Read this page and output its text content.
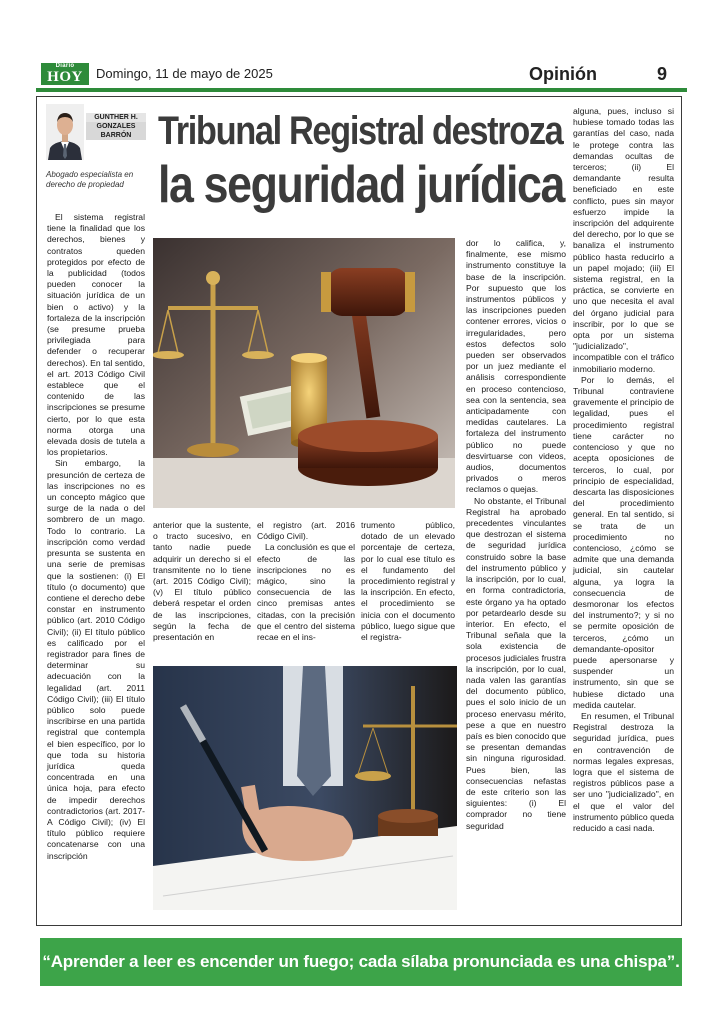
Diario
HOY	Domingo, 11 de mayo de 2025	Opinión	9
GUNTHER H.
GONZALES
BARRÓN
Abogado especialista en derecho de propiedad
Tribunal Registral destroza
la seguridad jurídica

El sistema registral tiene la finalidad que los derechos, bienes y contratos queden protegidos por efecto de la publicidad (todos pueden conocer la situación jurídica de un bien o activo) y la fortaleza de la inscripción (se presume prueba privilegiada para defender o recuperar derechos). En tal sentido, el art. 2013 Código Civil establece que el contenido de las inscripciones se presume cierto, por lo que esta norma otorga una elevada dosis de tutela a los propietarios.

Sin embargo, la presunción de certeza de las inscripciones no es un concepto mágico que surge de la nada o del sombrero de un mago. Todo lo contrario. La inscripción como verdad presunta se sustenta en una serie de premisas que la sostienen: (i) El título (o documento) que contiene el derecho debe constar en instrumento público (art. 2010 Código Civil); (ii) El título público es calificado por el registrador para fines de determinar su adecuación con la legalidad (art. 2011 Código Civil); (iii) El título público solo puede inscribirse en una partida registral que contempla el bien específico, por lo que toda su historia jurídica queda concentrada en una única hoja, para efecto de impedir derechos contradictorios (art. 2017-A Código Civil); (iv) El título público requiere concatenarse con una inscripción

anterior que la sustente, o tracto sucesivo, en tanto nadie puede adquirir un derecho si el transmitente no lo tiene (art. 2015 Código Civil); (v) El título público deberá respetar el orden de las inscripciones, según la fecha de presentación en

el registro (art. 2016 Código Civil).

La conclusión es que el efecto de las inscripciones no es mágico, sino la consecuencia de las cinco premisas antes citadas, con la precisión que el centro del sistema recae en el ins-

trumento público, dotado de un elevado porcentaje de certeza, por lo cual ese título es el fundamento del procedimiento registral y la inscripción. En efecto, el procedimiento se inicia con el documento público, luego sigue que el registra-

dor lo califica, y, finalmente, ese mismo instrumento constituye la base de la inscripción. Por supuesto que los instrumentos públicos y las inscripciones pueden contener errores, vicios o irregularidades, pero estos defectos solo pueden ser observados por un juez mediante el análisis correspondiente en proceso contencioso, sea con la sentencia, sea anticipadamente con medidas cautelares. La fortaleza del instrumento público no puede desvirtuarse con videos, audios, documentos privados o meros reclamos o quejas.

No obstante, el Tribunal Registral ha aprobado precedentes vinculantes que destrozan el sistema de seguridad jurídica construido sobre la base del instrumento público y la inscripción, por lo cual, en forma contradictoria, este órgano ya ha optado por petardearlo desde su interior. En efecto, el Tribunal señala que la sola existencia de procesos judiciales frustra la inscripción, por lo cual, nada valen las garantías del documento público, pues el solo inicio de un proceso enervasu mérito, pese a que en nuestro país es bien conocido que se presentan demandas sin ninguna rigurosidad. Pues bien, las consecuencias nefastas de este criterio son las siguientes: (i) El comprador no tiene seguridad

alguna, pues, incluso si hubiese tomado todas las garantías del caso, nada le protege contra las demandas ocultas de terceros; (ii) El demandante resulta beneficiado en este conflicto, pues sin mayor esfuerzo impide la inscripción del adquirente del derecho, por lo que se banaliza el instrumento público hasta reducirlo a un papel mojado; (iii) El sistema registral, en la práctica, se convierte en uno que necesita el aval del órgano judicial para inscribir, por lo que se opta por un sistema "judicializado", incompatible con el tráfico inmobiliario moderno.

Por lo demás, el Tribunal contraviene gravemente el principio de legalidad, pues el procedimiento registral tiene carácter no contencioso y que no acepta oposiciones de terceros, lo cual, por principio de especialidad, descarta las disposiciones del procedimiento general. En tal sentido, si se trata de un procedimiento no contencioso, ¿cómo se admite que una demanda judicial, sin cautelar alguna, ya logra la consecuencia de desmoronar los efectos del instrumento?; y si no se permite oposición de terceros, ¿cómo un demandante-opositor puede apersonarse y suspender un instrumento, sin que se hubiese dictado una medida cautelar.

En resumen, el Tribunal Registral destroza la seguridad jurídica, pues en contravención de normas legales expresas, logra que el sistema de registros públicos pase a ser uno "judicializado", en el que el valor del instrumento público queda reducido a casi nada.

“Aprender a leer es encender un fuego; cada sílaba pronunciada es una chispa”.
